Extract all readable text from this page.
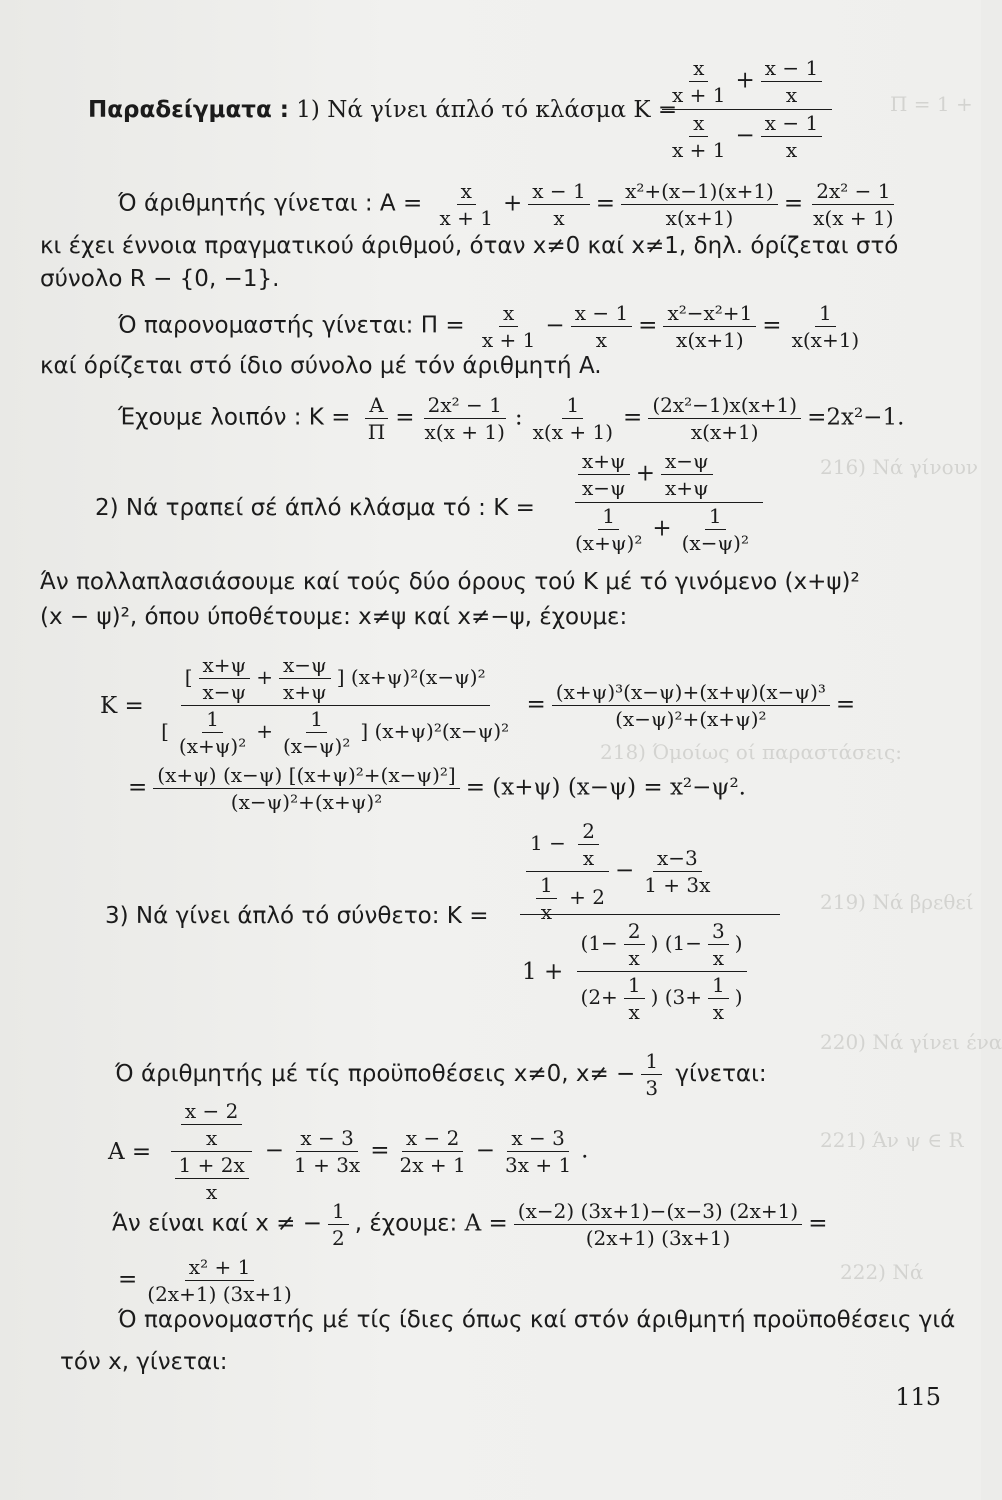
Π = 1 +
216) Νά γίνουν
218) Όμοίως οί παραστάσεις:
219) Νά βρεθεί
220) Νά γίνει ένα
221) Άν ψ ∈ R
222) Νά
Παραδείγματα : 1) Νά γίνει άπλό τό κλάσμα K =
$\frac{x}{x + 1} + \frac{x - 1}{x}$
$\frac{x}{x + 1} - \frac{x - 1}{x}$
Ό άριθμητής γίνεται : $A = \frac{x}{x + 1} + \frac{x - 1}{x} = \frac{\text{x²+(x−1)(x+1)}}{x(x+1)} = \frac{\text{2x² − 1}}{x(x + 1)}$
κι έχει έννοια πραγματικού άριθμού, όταν x≠0 καί x≠1, δηλ. όρίζεται στό
σύνολο R − {0, −1}.
Ό παρονομαστής γίνεται: $\Pi = \frac{x}{x + 1} - \frac{x - 1}{x} = \frac{\text{x²−x²+1}}{x(x+1)} = \frac{1}{x(x+1)}$
καί όρίζεται στό ίδιο σύνολο μέ τόν άριθμητή A.
Έχουμε λοιπόν : $K = \frac{A}{\Pi} = \frac{\text{2x² − 1}}{x(x + 1)}$ : $\frac{1}{x(x + 1)} = \frac{\text{(2x²−1)x(x+1)}}{x(x+1)} =2x^2-1$.
2) Νά τραπεί σέ άπλό κλάσμα τό : K =
$\frac{x+\psi}{x-\psi} + \frac{x-\psi}{x+\psi}$
$\frac{1}{\text{(x+ψ)²}} + \frac{1}{\text{(x−ψ)²}}$
Άν πολλαπλασιάσουμε καί τούς δύο όρους τού K μέ τό γινόμενο (x+ψ)²
(x − ψ)², όπου ύποθέτουμε: x≠ψ καί x≠−ψ, έχουμε:
$K = \frac{[ \frac{x+\psi}{x-\psi} + \frac{x-\psi}{x+\psi} ] (x+\psi)^2(x-\psi)^2}{[ \frac{1}{\text{(x+ψ)²}} + \frac{1}{\text{(x−ψ)²}} ] (x+\psi)^2(x-\psi)^2} = \frac{\text{(x+ψ)³(x−ψ)+(x+ψ)(x−ψ)³}}{\text{(x−ψ)²+(x+ψ)²}}$ =
= $\frac{\text{(x+ψ) (x−ψ) [(x+ψ)²+(x−ψ)²]}}{\text{(x−ψ)²+(x+ψ)²}} = (x+\psi) (x-\psi) = x^2-\psi^2$.
3) Νά γίνει άπλό τό σύνθετο: $K = \frac{1 - \frac{2}{x}}{\frac{1}{x} + 2} - \frac{x-3}{1 + 3x}$
$1 + \frac{(1- \frac{2}{x} ) (1- \frac{3}{x} )}{(2+ \frac{1}{x} ) (3+ \frac{1}{x} )}$
Ό άριθμητής μέ τίς προϋποθέσεις x≠0, $x\ne - \frac{1}{3} \gamma ί\nu\varepsilon\tau\alpha\iota$:
$A = \frac{\frac{x - 2}{x}}{\frac{1 + 2x}{x}} - \frac{x - 3}{1 + 3x} = \frac{x - 2}{2x + 1} - \frac{x - 3}{3x + 1}$ .
Άν είναι καί x ≠ − $\frac{1}{2}$ , έχουμε: $A = \frac{(x-2) (3x+1)-(x-3) (2x+1)}{(2x+1) (3x+1)}$ =
= $\frac{\text{x² + 1}}{(2x+1) (3x+1)}$
Ό παρονομαστής μέ τίς ίδιες όπως καί στόν άριθμητή προϋποθέσεις γιά
τόν x, γίνεται:
115
